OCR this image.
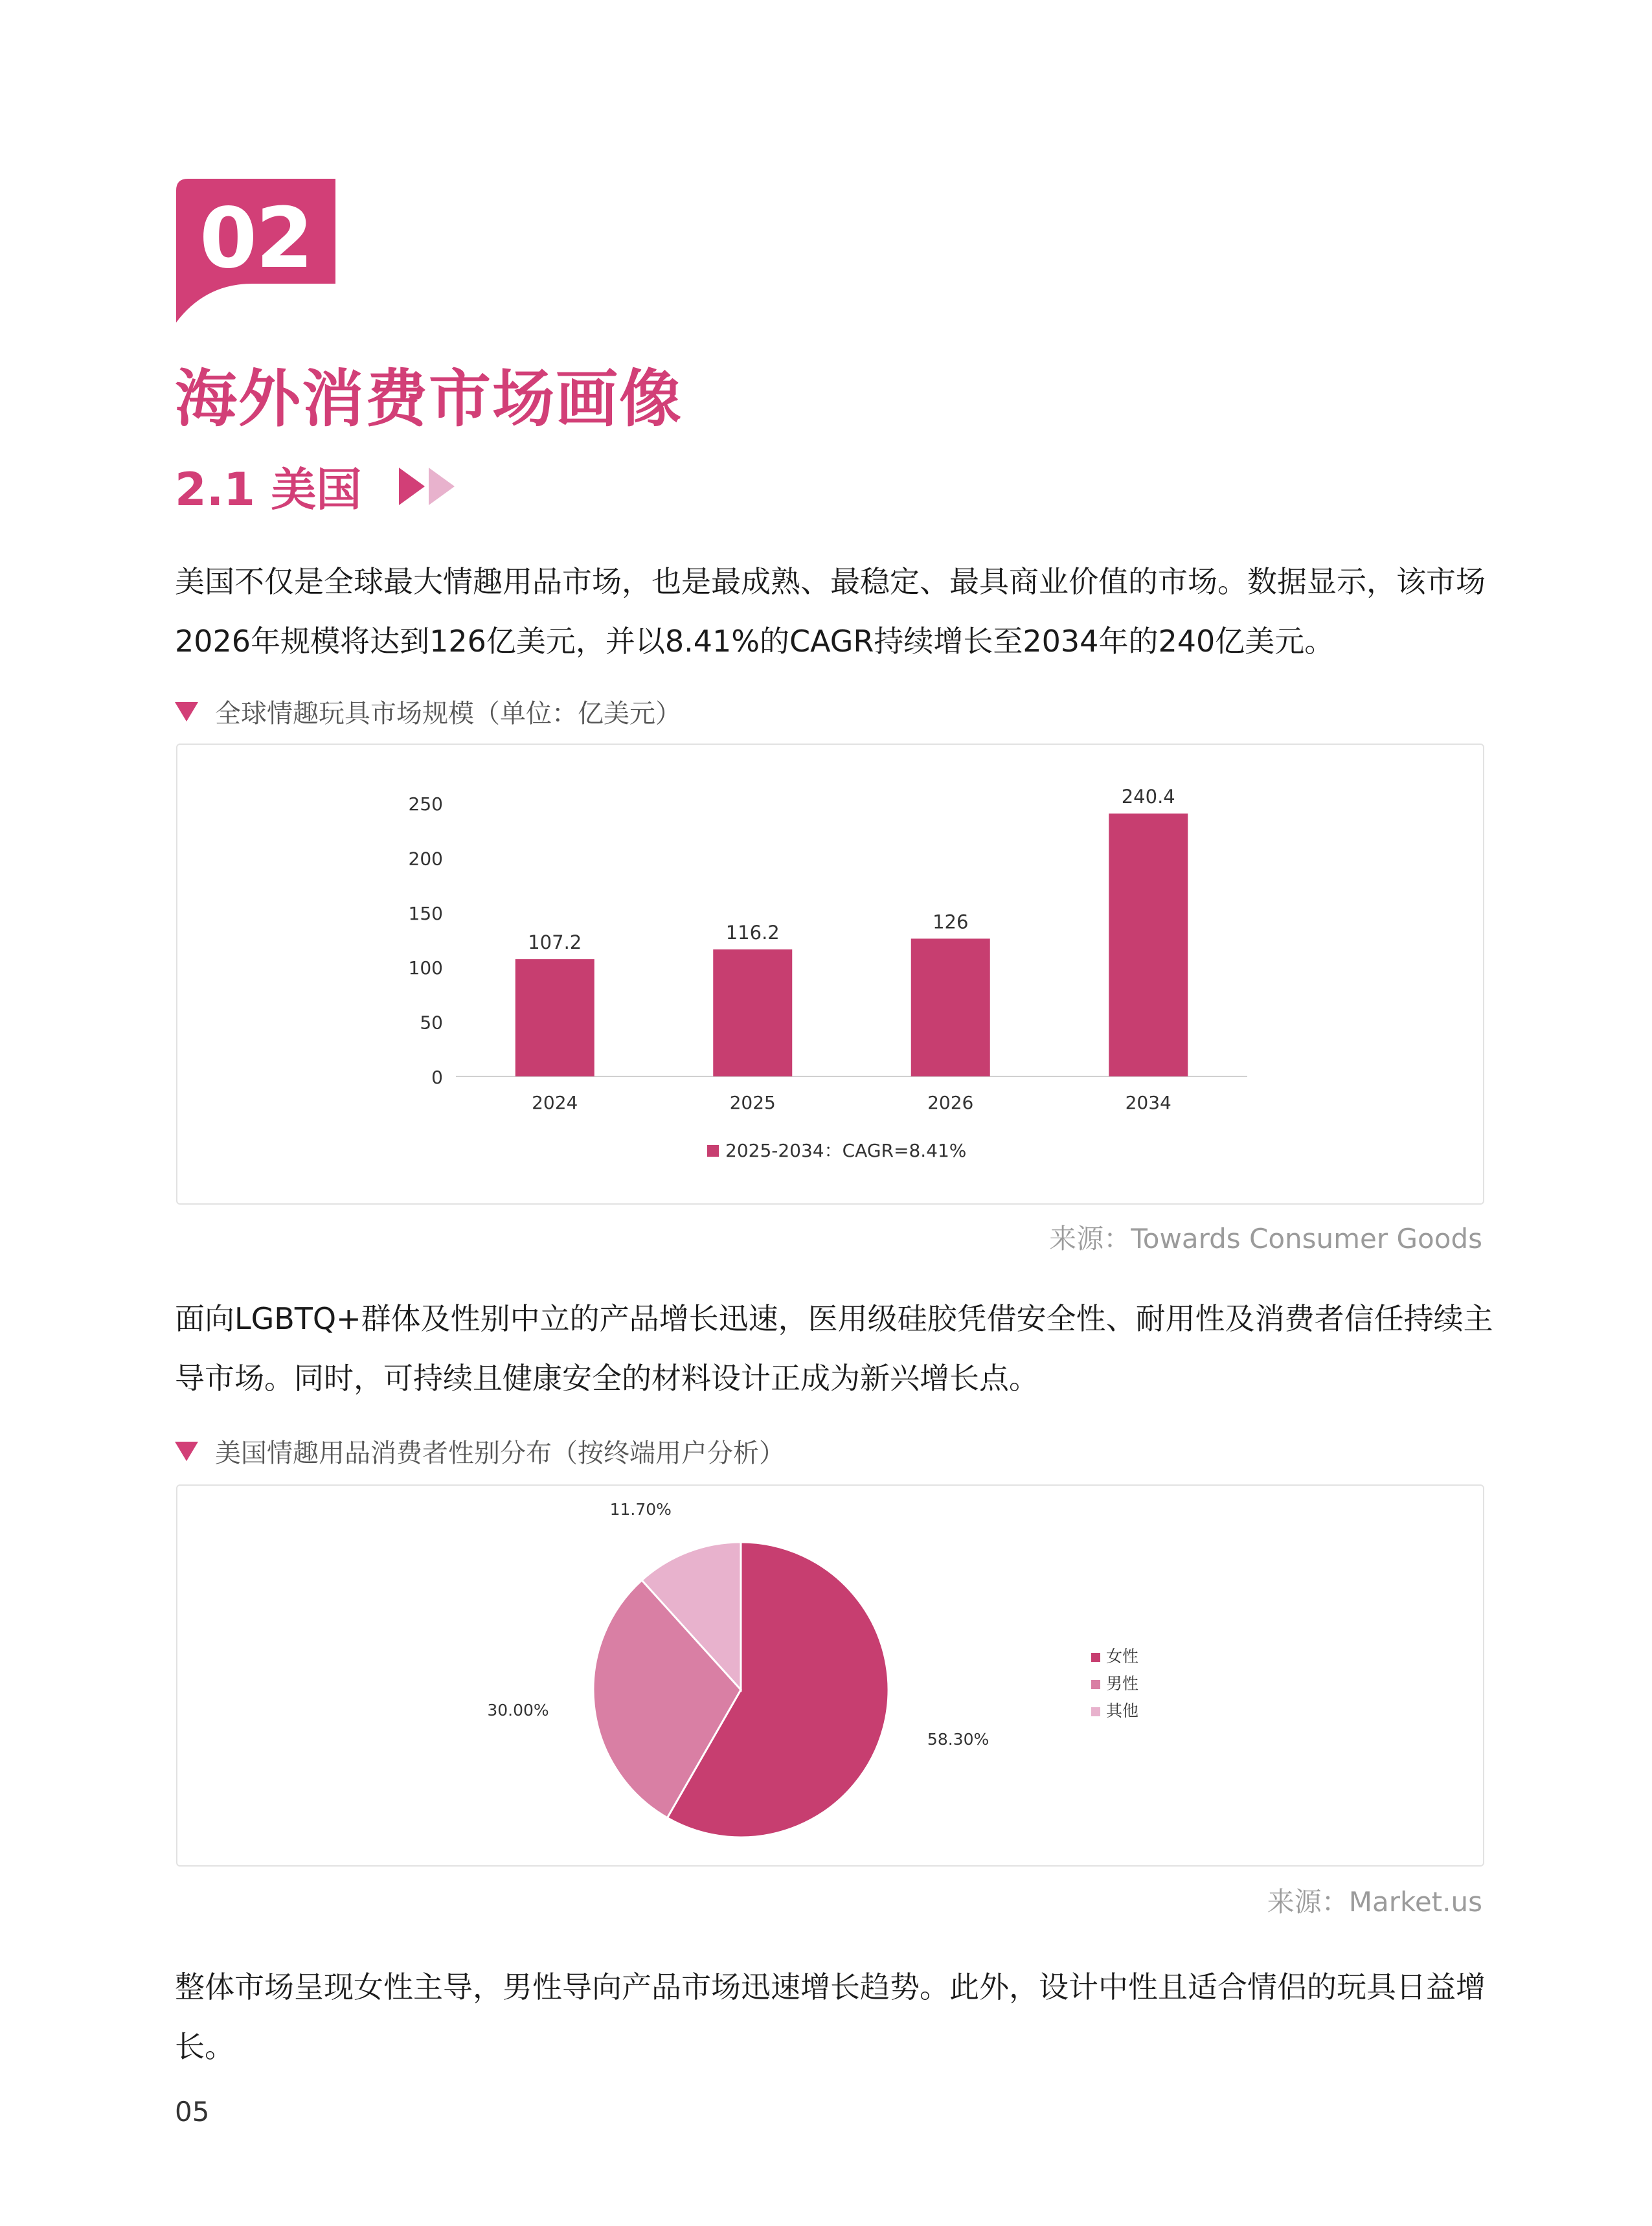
02
海外消费市场画像
2.1 美国
美国不仅是全球最大情趣用品市场，也是最成熟、最稳定、最具商业价值的市场。数据显示，该市场2026年规模将达到126亿美元，并以8.41%的CAGR持续增长至2034年的240亿美元。
全球情趣玩具市场规模（单位：亿美元）
0
50
100
150
200
250
107.2
2024
116.2
2025
126
2026
240.4
2034
2025-2034：CAGR=8.41%
来源：Towards Consumer Goods
面向LGBTQ+群体及性别中立的产品增长迅速，医用级硅胶凭借安全性、耐用性及消费者信任持续主导市场。同时，可持续且健康安全的材料设计正成为新兴增长点。
美国情趣用品消费者性别分布（按终端用户分析）
58.30%
30.00%
11.70%
女性
男性
其他
来源：Market.us
整体市场呈现女性主导，男性导向产品市场迅速增长趋势。此外，设计中性且适合情侣的玩具日益增长。
05
